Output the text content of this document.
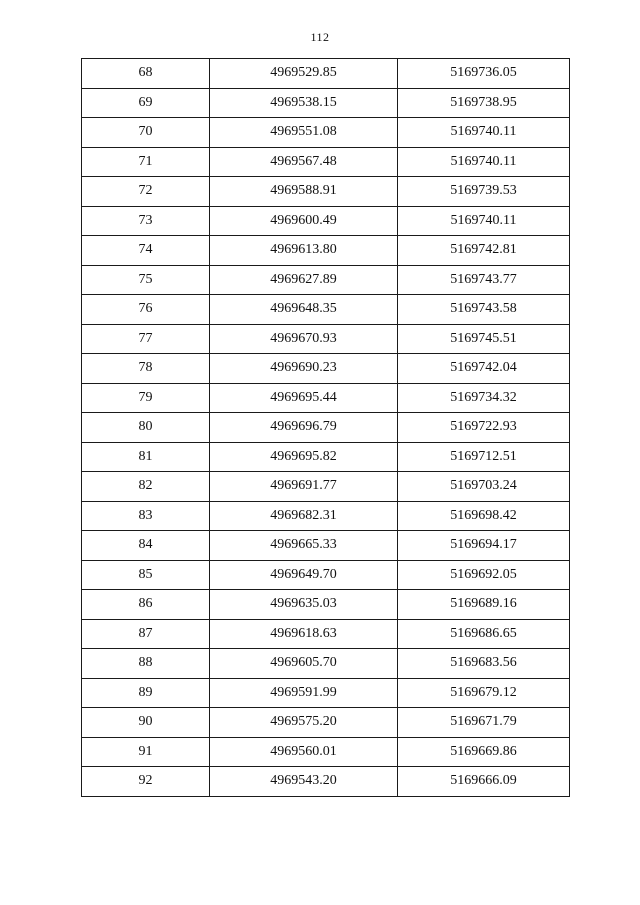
112
68	4969529.85	5169736.05
69	4969538.15	5169738.95
70	4969551.08	5169740.11
71	4969567.48	5169740.11
72	4969588.91	5169739.53
73	4969600.49	5169740.11
74	4969613.80	5169742.81
75	4969627.89	5169743.77
76	4969648.35	5169743.58
77	4969670.93	5169745.51
78	4969690.23	5169742.04
79	4969695.44	5169734.32
80	4969696.79	5169722.93
81	4969695.82	5169712.51
82	4969691.77	5169703.24
83	4969682.31	5169698.42
84	4969665.33	5169694.17
85	4969649.70	5169692.05
86	4969635.03	5169689.16
87	4969618.63	5169686.65
88	4969605.70	5169683.56
89	4969591.99	5169679.12
90	4969575.20	5169671.79
91	4969560.01	5169669.86
92	4969543.20	5169666.09
